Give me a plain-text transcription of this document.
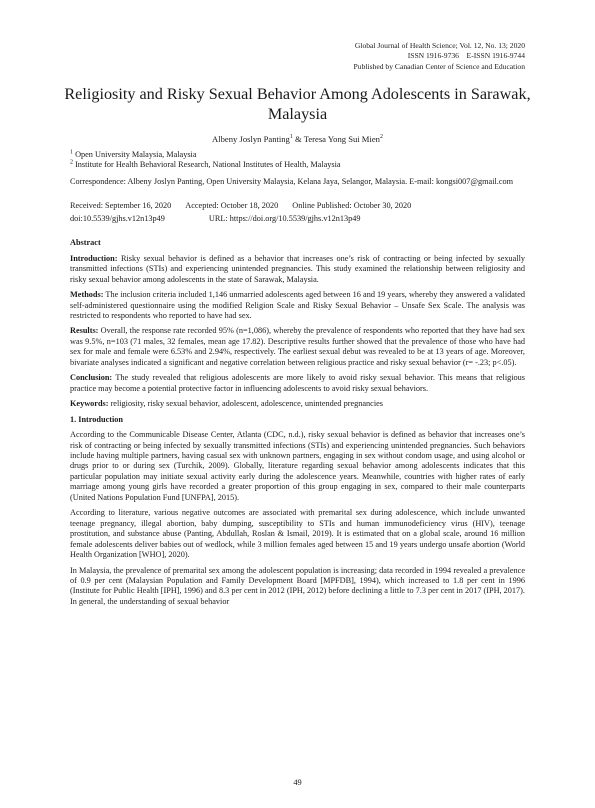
Global Journal of Health Science; Vol. 12, No. 13; 2020
ISSN 1916-9736    E-ISSN 1916-9744
Published by Canadian Center of Science and Education
Religiosity and Risky Sexual Behavior Among Adolescents in Sarawak, Malaysia
Albeny Joslyn Panting$^1$ & Teresa Yong Sui Mien$^2$

$^1$ Open University Malaysia, Malaysia

$^2$ Institute for Health Behavioral Research, National Institutes of Health, Malaysia

Correspondence: Albeny Joslyn Panting, Open University Malaysia, Kelana Jaya, Selangor, Malaysia. E-mail: kongsi007@gmail.com

Received: September 16, 2020 Accepted: October 18, 2020 Online Published: October 30, 2020

doi:10.5539/gjhs.v12n13p49	URL: https://doi.org/10.5539/gjhs.v12n13p49

Abstract

Introduction: Risky sexual behavior is defined as a behavior that increases one’s risk of contracting or being infected by sexually transmitted infections (STIs) and experiencing unintended pregnancies. This study examined the relationship between religiosity and risky sexual behavior among adolescents in the state of Sarawak, Malaysia.

Methods: The inclusion criteria included 1,146 unmarried adolescents aged between 16 and 19 years, whereby they answered a validated self-administered questionnaire using the modified Religion Scale and Risky Sexual Behavior – Unsafe Sex Scale. The analysis was restricted to respondents who reported to have had sex.

Results: Overall, the response rate recorded 95% (n=1,086), whereby the prevalence of respondents who reported that they have had sex was 9.5%, n=103 (71 males, 32 females, mean age 17.82). Descriptive results further showed that the prevalence of those who have had sex for male and female were 6.53% and 2.94%, respectively. The earliest sexual debut was revealed to be at 13 years of age. Moreover, bivariate analyses indicated a significant and negative correlation between religious practice and risky sexual behavior (r= -.23; p<.05).

Conclusion: The study revealed that religious adolescents are more likely to avoid risky sexual behavior. This means that religious practice may become a potential protective factor in influencing adolescents to avoid risky sexual behaviors.

Keywords: religiosity, risky sexual behavior, adolescent, adolescence, unintended pregnancies

1. Introduction

According to the Communicable Disease Center, Atlanta (CDC, n.d.), risky sexual behavior is defined as behavior that increases one’s risk of contracting or being infected by sexually transmitted infections (STIs) and experiencing unintended pregnancies. Such behaviors include having multiple partners, having casual sex with unknown partners, engaging in sex without condom usage, and using alcohol or drugs prior to or during sex (Turchik, 2009). Globally, literature regarding sexual behavior among adolescents indicates that this particular population may initiate sexual activity early during the adolescence years. Meanwhile, countries with higher rates of early marriage among young girls have recorded a greater proportion of this group engaging in sex, compared to their male counterparts (United Nations Population Fund [UNFPA], 2015).

According to literature, various negative outcomes are associated with premarital sex during adolescence, which include unwanted teenage pregnancy, illegal abortion, baby dumping, susceptibility to STIs and human immunodeficiency virus (HIV), teenage prostitution, and substance abuse (Panting, Abdullah, Roslan & Ismail, 2019). It is estimated that on a global scale, around 16 million female adolescents deliver babies out of wedlock, while 3 million females aged between 15 and 19 years undergo unsafe abortion (World Health Organization [WHO], 2020).

In Malaysia, the prevalence of premarital sex among the adolescent population is increasing; data recorded in 1994 revealed a prevalence of 0.9 per cent (Malaysian Population and Family Development Board [MPFDB], 1994), which increased to 1.8 per cent in 1996 (Institute for Public Health [IPH], 1996) and 8.3 per cent in 2012 (IPH, 2012) before declining a little to 7.3 per cent in 2017 (IPH, 2017). In general, the understanding of sexual behavior

49
